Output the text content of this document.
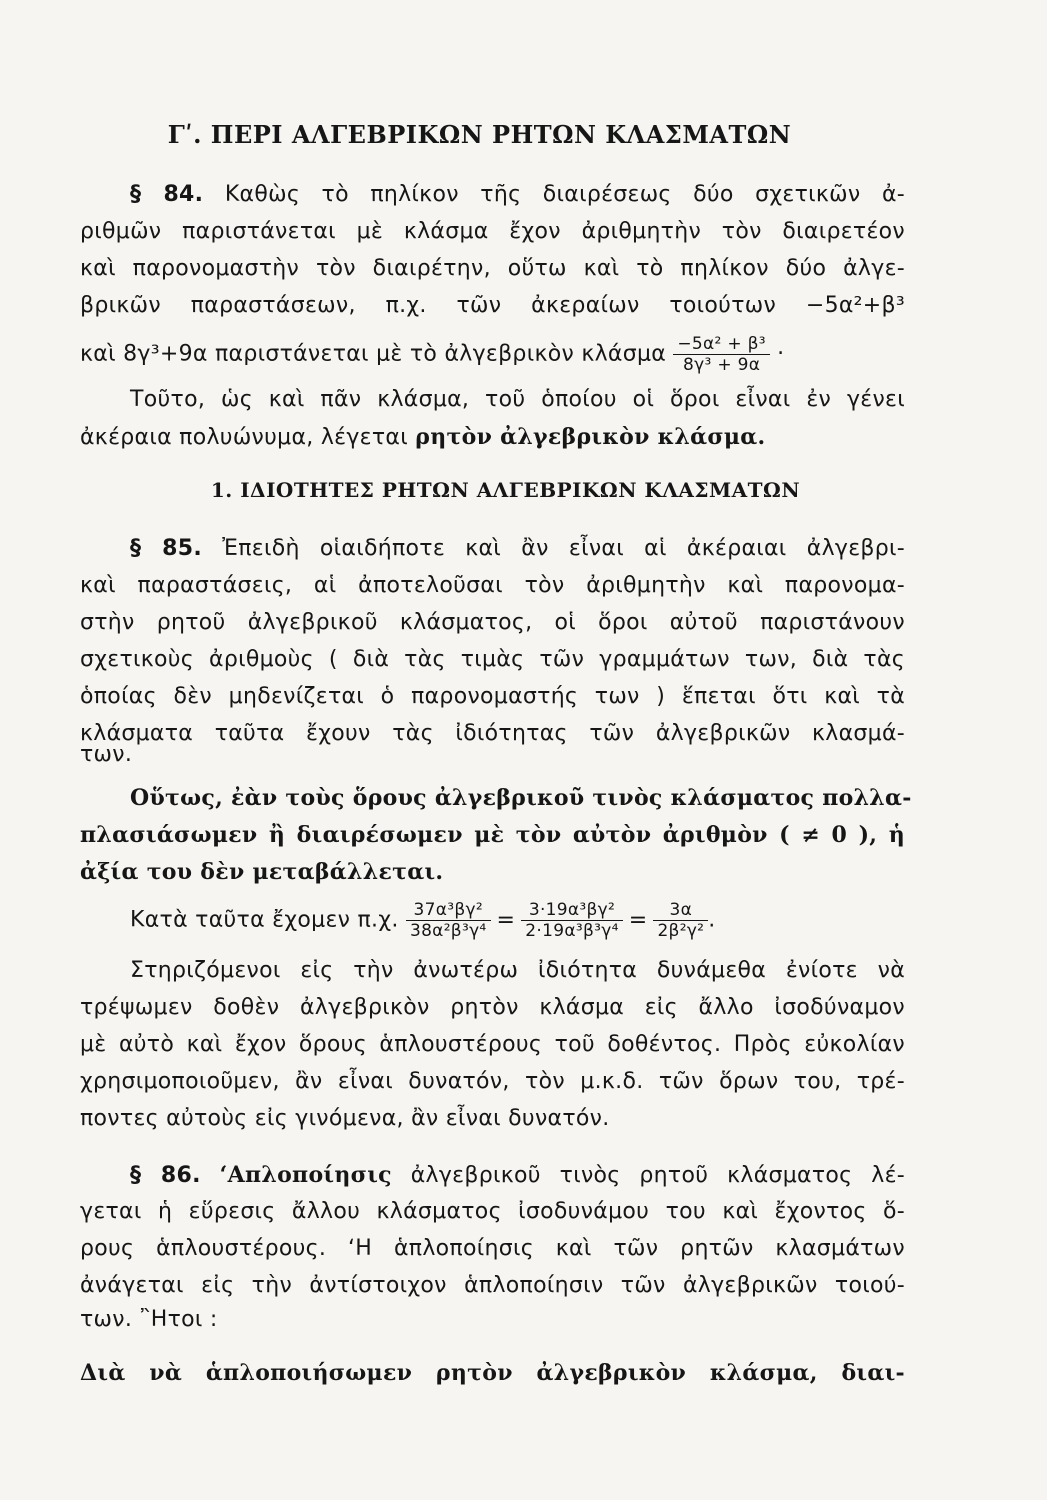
Γʹ. ΠΕΡΙ ΑΛΓΕΒΡΙΚΩΝ ΡΗΤΩΝ ΚΛΑΣΜΑΤΩΝ
§ 84. Καθὼς τὸ πηλίκον τῆς διαιρέσεως δύο σχετικῶν ἀ-
ριθμῶν παριστάνεται μὲ κλάσμα ἔχον ἀριθμητὴν τὸν διαιρετέον
καὶ παρονομαστὴν τὸν διαιρέτην, οὕτω καὶ τὸ πηλίκον δύο ἀλγε-
βρικῶν παραστάσεων, π.χ. τῶν ἀκεραίων τοιούτων −5α²+β³
καὶ 8γ³+9α παριστάνεται μὲ τὸ ἀλγεβρικὸν κλάσμα $\frac{\text{−5α² + β³}}{\text{8γ³ + 9α}}$ ·
Τοῦτο, ὡς καὶ πᾶν κλάσμα, τοῦ ὁποίου οἱ ὅροι εἶναι ἐν γένει
ἀκέραια πολυώνυμα, λέγεται ρητὸν ἀλγεβρικὸν κλάσμα.
1. ΙΔΙΟΤΗΤΕΣ ΡΗΤΩΝ ΑΛΓΕΒΡΙΚΩΝ ΚΛΑΣΜΑΤΩΝ
§ 85. Ἐπειδὴ οἱαιδήποτε καὶ ἂν εἶναι αἱ ἀκέραιαι ἀλγεβρι-
καὶ παραστάσεις, αἱ ἀποτελοῦσαι τὸν ἀριθμητὴν καὶ παρονομα-
στὴν ρητοῦ ἀλγεβρικοῦ κλάσματος, οἱ ὅροι αὐτοῦ παριστάνουν
σχετικοὺς ἀριθμοὺς ( διὰ τὰς τιμὰς τῶν γραμμάτων των, διὰ τὰς
ὁποίας δὲν μηδενίζεται ὁ παρονομαστής των ) ἕπεται ὅτι καὶ τὰ
κλάσματα ταῦτα ἔχουν τὰς ἰδιότητας τῶν ἀλγεβρικῶν κλασμά-
των.
Οὕτως, ἐὰν τοὺς ὅρους ἀλγεβρικοῦ τινὸς κλάσματος πολλα-
πλασιάσωμεν ἢ διαιρέσωμεν μὲ τὸν αὐτὸν ἀριθμὸν ( ≠ 0 ), ἡ
ἀξία του δὲν μεταβάλλεται.
Κατὰ ταῦτα ἔχομεν π.χ. $\frac{\text{37α³βγ²}}{\text{38α²β³γ⁴}} = \frac{\text{3·19α³βγ²}}{\text{2·19α³β³γ⁴}} = \frac{3\alpha}{\text{2β²γ²}}$ .
Στηριζόμενοι εἰς τὴν ἀνωτέρω ἰδιότητα δυνάμεθα ἐνίοτε νὰ
τρέψωμεν δοθὲν ἀλγεβρικὸν ρητὸν κλάσμα εἰς ἄλλο ἰσοδύναμον
μὲ αὐτὸ καὶ ἔχον ὅρους ἁπλουστέρους τοῦ δοθέντος. Πρὸς εὐκολίαν
χρησιμοποιοῦμεν, ἂν εἶναι δυνατόν, τὸν μ.κ.δ. τῶν ὅρων του, τρέ-
ποντες αὐτοὺς εἰς γινόμενα, ἂν εἶναι δυνατόν.
§ 86. ʻΑπλοποίησις ἀλγεβρικοῦ τινὸς ρητοῦ κλάσματος λέ-
γεται ἡ εὕρεσις ἄλλου κλάσματος ἰσοδυνάμου του καὶ ἔχοντος ὅ-
ρους ἁπλουστέρους. ʻΗ ἁπλοποίησις καὶ τῶν ρητῶν κλασμάτων
ἀνάγεται εἰς τὴν ἀντίστοιχον ἁπλοποίησιν τῶν ἀλγεβρικῶν τοιού-
των. ῍Ητοι :
Διὰ νὰ ἁπλοποιήσωμεν ρητὸν ἀλγεβρικὸν κλάσμα, διαι-
